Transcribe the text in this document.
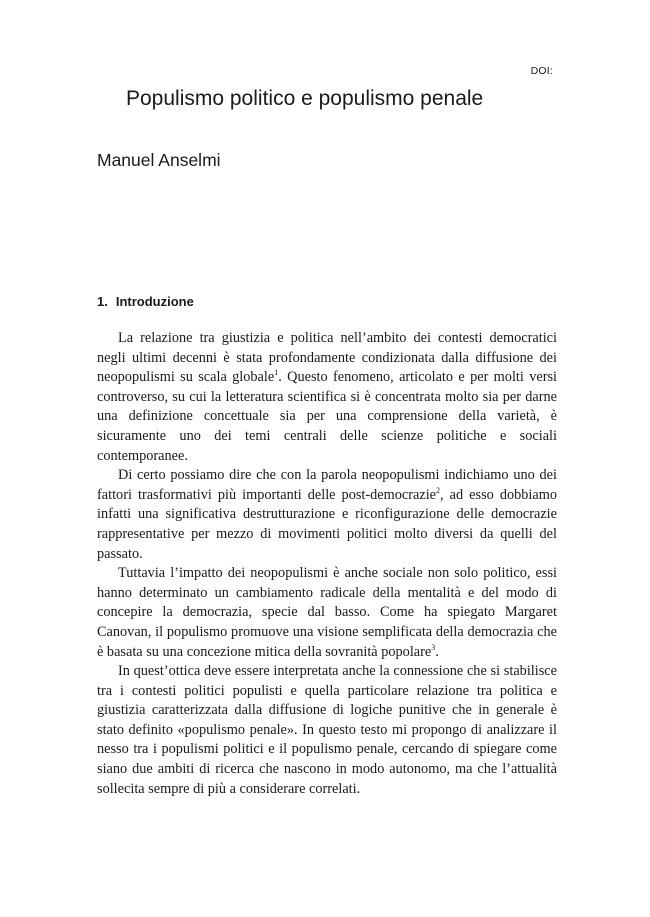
DOI:
Populismo politico e populismo penale
Manuel Anselmi
1. Introduzione

La relazione tra giustizia e politica nell’ambito dei contesti democratici negli ultimi decenni è stata profondamente condizionata dalla diffusione dei neopopulismi su scala globale$^1$. Questo fenomeno, articolato e per molti versi controverso, su cui la letteratura scientifica si è concentrata molto sia per darne una definizione concettuale sia per una comprensione della varietà, è sicuramente uno dei temi centrali delle scienze politiche e sociali contemporanee.

Di certo possiamo dire che con la parola neopopulismi indichiamo uno dei fattori trasformativi più importanti delle post-democrazie$^2$, ad esso dobbiamo infatti una significativa destrutturazione e riconfigurazione delle democrazie rappresentative per mezzo di movimenti politici molto diversi da quelli del passato.

Tuttavia l’impatto dei neopopulismi è anche sociale non solo politico, essi hanno determinato un cambiamento radicale della mentalità e del modo di concepire la democrazia, specie dal basso. Come ha spiegato Margaret Canovan, il populismo promuove una visione semplificata della democrazia che è basata su una concezione mitica della sovranità popolare$^3$.

In quest’ottica deve essere interpretata anche la connessione che si stabilisce tra i contesti politici populisti e quella particolare relazione tra politica e giustizia caratterizzata dalla diffusione di logiche punitive che in generale è stato definito «populismo penale». In questo testo mi propongo di analizzare il nesso tra i populismi politici e il populismo penale, cercando di spiegare come siano due ambiti di ricerca che nascono in modo autonomo, ma che l’attualità sollecita sempre di più a considerare correlati.
